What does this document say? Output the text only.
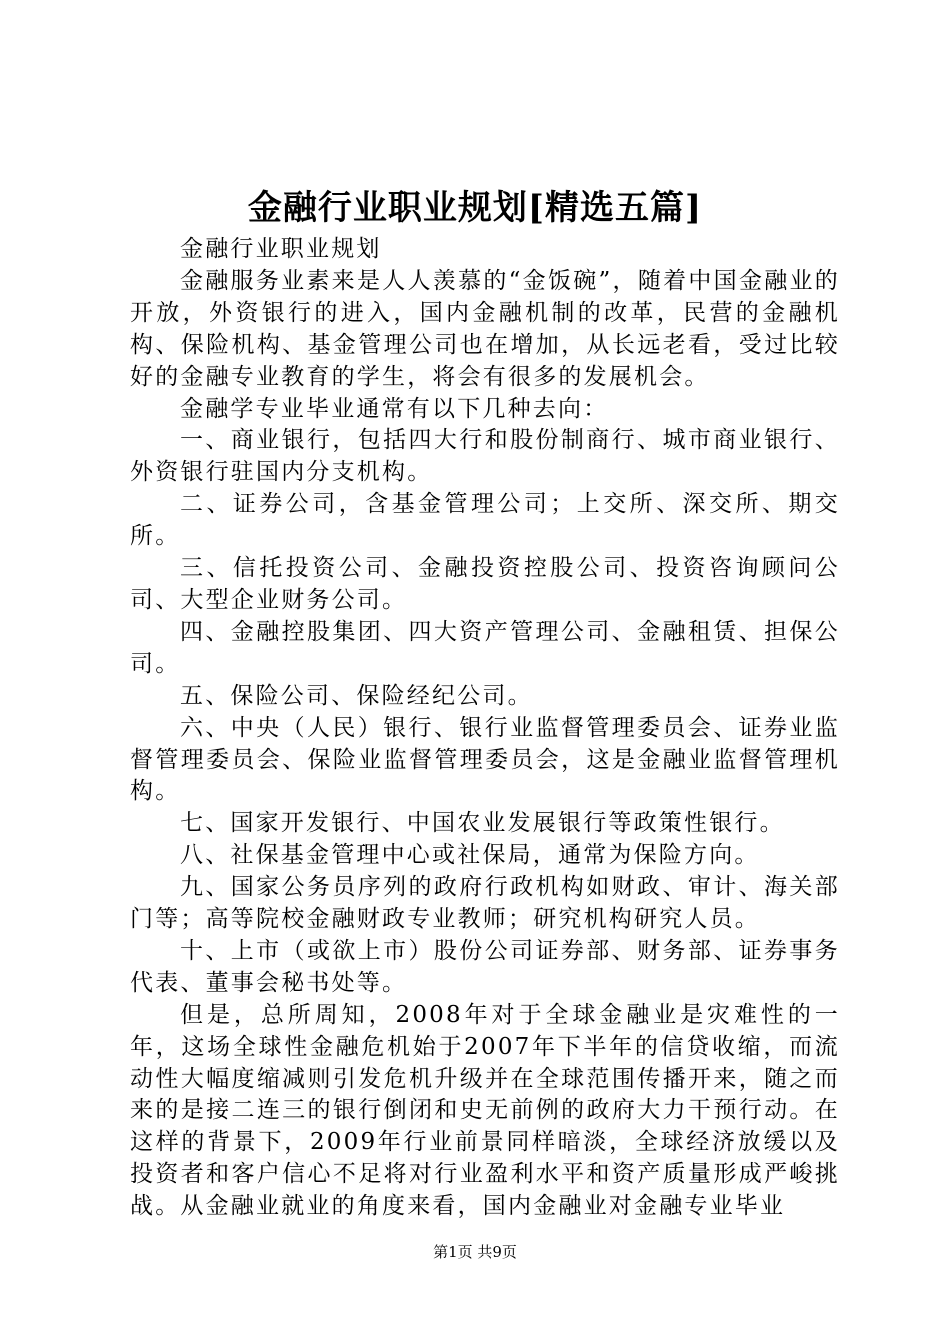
金融行业职业规划[精选五篇]

金融行业职业规划

金融服务业素来是人人羡慕的“金饭碗”，随着中国金融业的开放，外资银行的进入，国内金融机制的改革，民营的金融机构、保险机构、基金管理公司也在增加，从长远老看，受过比较好的金融专业教育的学生，将会有很多的发展机会。

金融学专业毕业通常有以下几种去向：

一、商业银行，包括四大行和股份制商行、城市商业银行、外资银行驻国内分支机构。

二、证券公司，含基金管理公司；上交所、深交所、期交所。

三、信托投资公司、金融投资控股公司、投资咨询顾问公司、大型企业财务公司。

四、金融控股集团、四大资产管理公司、金融租赁、担保公司。

五、保险公司、保险经纪公司。

六、中央（人民）银行、银行业监督管理委员会、证券业监督管理委员会、保险业监督管理委员会，这是金融业监督管理机构。

七、国家开发银行、中国农业发展银行等政策性银行。

八、社保基金管理中心或社保局，通常为保险方向。

九、国家公务员序列的政府行政机构如财政、审计、海关部门等；高等院校金融财政专业教师；研究机构研究人员。

十、上市（或欲上市）股份公司证券部、财务部、证券事务代表、董事会秘书处等。

但是，总所周知，2008年对于全球金融业是灾难性的一年，这场全球性金融危机始于2007年下半年的信贷收缩，而流动性大幅度缩减则引发危机升级并在全球范围传播开来，随之而来的是接二连三的银行倒闭和史无前例的政府大力干预行动。在这样的背景下，2009年行业前景同样暗淡，全球经济放缓以及投资者和客户信心不足将对行业盈利水平和资产质量形成严峻挑战。从金融业就业的角度来看，国内金融业对金融专业毕业

第1页 共9页
